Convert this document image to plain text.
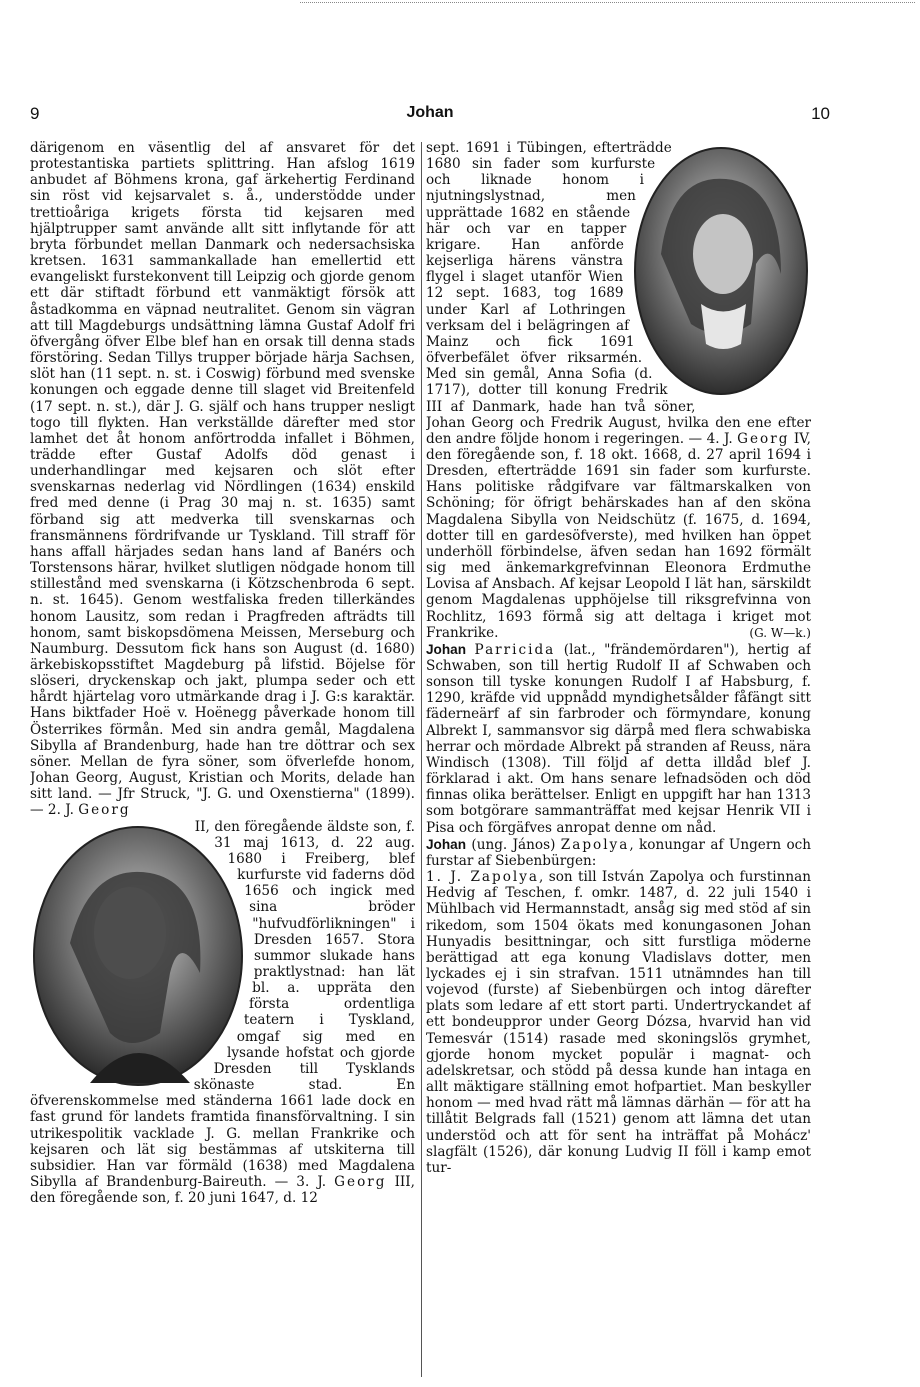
9	Johan	10

därigenom en väsentlig del af ansvaret för det protestantiska partiets splittring. Han afslog 1619 anbudet af Böhmens krona, gaf ärkehertig Ferdinand sin röst vid kejsarvalet s. å., understödde under trettioåriga krigets första tid kejsaren med hjälptrupper samt använde allt sitt inflytande för att bryta förbundet mellan Danmark och nedersachsiska kretsen. 1631 sammankallade han emellertid ett evangeliskt furstekonvent till Leipzig och gjorde genom ett där stiftadt förbund ett vanmäktigt försök att åstadkomma en väpnad neutralitet. Genom sin vägran att till Magdeburgs undsättning lämna Gustaf Adolf fri öfvergång öfver Elbe blef han en orsak till denna stads förstöring. Sedan Tillys trupper började härja Sachsen, slöt han (11 sept. n. st. i Coswig) förbund med svenske konungen och eggade denne till slaget vid Breitenfeld (17 sept. n. st.), där J. G. själf och hans trupper nesligt togo till flykten. Han verkställde därefter med stor lamhet det åt honom anförtrodda infallet i Böhmen, trädde efter Gustaf Adolfs död genast i underhandlingar med kejsaren och slöt efter svenskarnas nederlag vid Nördlingen (1634) enskild fred med denne (i Prag 30 maj n. st. 1635) samt förband sig att medverka till svenskarnas och fransmännens fördrifvande ur Tyskland. Till straff för hans affall härjades sedan hans land af Banérs och Torstensons härar, hvilket slutligen nödgade honom till stillestånd med svenskarna (i Kötzschenbroda 6 sept. n. st. 1645). Genom westfaliska freden tillerkändes honom Lausitz, som redan i Pragfreden afträdts till honom, samt biskopsdömena Meissen, Merseburg och Naumburg. Dessutom fick hans son August (d. 1680) ärkebiskopsstiftet Magdeburg på lifstid. Böjelse för slöseri, dryckenskap och jakt, plumpa seder och ett hårdt hjärtelag voro utmärkande drag i J. G:s karaktär. Hans biktfader Hoë v. Hoënegg påverkade honom till Österrikes förmån. Med sin andra gemål, Magdalena Sibylla af Brandenburg, hade han tre döttrar och sex söner. Mellan de fyra söner, som öfverlefde honom, Johan Georg, August, Kristian och Morits, delade han sitt land. — Jfr Struck, "J. G. und Oxenstierna" (1899). — 2. J. Georg

II, den föregående äldste son, f. 31 maj 1613, d. 22 aug. 1680 i Freiberg, blef kurfurste vid faderns död 1656 och ingick med sina bröder "hufvudförlikningen" i Dresden 1657. Stora summor slukade hans praktlystnad: han lät bl. a. uppräta den första ordentliga teatern i Tyskland, omgaf sig med en lysande hofstat och gjorde Dresden till Tysklands skönaste stad. En öfverenskommelse med ständerna 1661 lade dock en fast grund för landets framtida finansförvaltning. I sin utrikespolitik vacklade J. G. mellan Frankrike och kejsaren och lät sig bestämmas af utskiterna till subsidier. Han var förmäld (1638) med Magdalena Sibylla af Brandenburg-Baireuth. — 3. J. Georg III, den föregående son, f. 20 juni 1647, d. 12

sept. 1691 i Tübingen, efterträdde 1680 sin fader som kurfurste och liknade honom i njutningslystnad, men upprättade 1682 en stående här och var en tapper krigare. Han anförde kejserliga härens vänstra flygel i slaget utanför Wien 12 sept. 1683, tog 1689 under Karl af Lothringen verksam del i belägringen af Mainz och fick 1691 öfverbefälet öfver riksarmén. Med sin gemål, Anna Sofia (d. 1717), dotter till konung Fredrik III af Danmark, hade han två söner, Johan Georg och Fredrik August, hvilka den ene efter den andre följde honom i regeringen. — 4. J. Georg IV, den föregående son, f. 18 okt. 1668, d. 27 april 1694 i Dresden, efterträdde 1691 sin fader som kurfurste. Hans politiske rådgifvare var fältmarskalken von Schöning; för öfrigt behärskades han af den sköna Magdalena Sibylla von Neidschütz (f. 1675, d. 1694, dotter till en gardesöfverste), med hvilken han öppet underhöll förbindelse, äfven sedan han 1692 förmält sig med änkemarkgrefvinnan Eleonora Erdmuthe Lovisa af Ansbach. Af kejsar Leopold I lät han, särskildt genom Magdalenas upphöjelse till riksgrefvinna von Rochlitz, 1693 förmå sig att deltaga i kriget mot Frankrike.	(G. W—k.)

Johan Parricida (lat., "frändemördaren"), hertig af Schwaben, son till hertig Rudolf II af Schwaben och sonson till tyske konungen Rudolf I af Habsburg, f. 1290, kräfde vid uppnådd myndighetsålder fåfängt sitt fäderneärf af sin farbroder och förmyndare, konung Albrekt I, sammansvor sig därpå med flera schwabiska herrar och mördade Albrekt på stranden af Reuss, nära Windisch (1308). Till följd af detta illdåd blef J. förklarad i akt. Om hans senare lefnadsöden och död finnas olika berättelser. Enligt en uppgift har han 1313 som botgörare sammanträffat med kejsar Henrik VII i Pisa och förgäfves anropat denne om nåd.

Johan (ung. János) Zapolya, konungar af Ungern och furstar af Siebenbürgen:

1. J. Zapolya, son till István Zapolya och furstinnan Hedvig af Teschen, f. omkr. 1487, d. 22 juli 1540 i Mühlbach vid Hermannstadt, ansåg sig med stöd af sin rikedom, som 1504 ökats med konungasonen Johan Hunyadis besittningar, och sitt furstliga möderne berättigad att ega konung Vladislavs dotter, men lyckades ej i sin strafvan. 1511 utnämndes han till vojevod (furste) af Siebenbürgen och intog därefter plats som ledare af ett stort parti. Undertryckandet af ett bondeuppror under Georg Dózsa, hvarvid han vid Temesvár (1514) rasade med skoningslös grymhet, gjorde honom mycket populär i magnat- och adelskretsar, och stödd på dessa kunde han intaga en allt mäktigare ställning emot hofpartiet. Man beskyller honom — med hvad rätt må lämnas därhän — för att ha tillåtit Belgrads fall (1521) genom att lämna det utan understöd och att för sent ha inträffat på Mohácz' slagfält (1526), där konung Ludvig II föll i kamp emot tur-
